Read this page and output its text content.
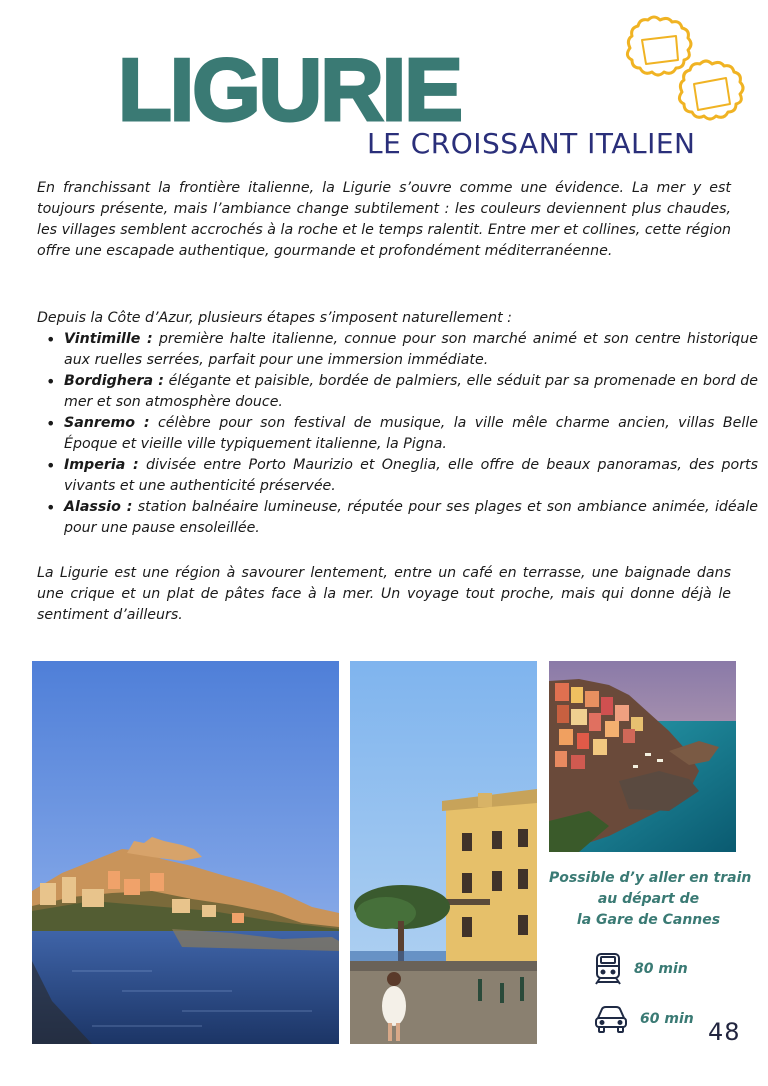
LIGURIE
LE CROISSANT ITALIEN
En franchissant la frontière italienne, la Ligurie s’ouvre comme une évidence. La mer y est toujours présente, mais l’ambiance change subtilement : les couleurs deviennent plus chaudes, les villages semblent accrochés à la roche et le temps ralentit. Entre mer et collines, cette région offre une escapade authentique, gourmande et profondément méditerranéenne.
Depuis la Côte d’Azur, plusieurs étapes s’imposent naturellement :
• Vintimille : première halte italienne, connue pour son marché animé et son centre historique aux ruelles serrées, parfait pour une immersion immédiate.
• Bordighera : élégante et paisible, bordée de palmiers, elle séduit par sa promenade en bord de mer et son atmosphère douce.
• Sanremo : célèbre pour son festival de musique, la ville mêle charme ancien, villas Belle Époque et vieille ville typiquement italienne, la Pigna.
• Imperia : divisée entre Porto Maurizio et Oneglia, elle offre de beaux panoramas, des ports vivants et une authenticité préservée.
• Alassio : station balnéaire lumineuse, réputée pour ses plages et son ambiance animée, idéale pour une pause ensoleillée.
La Ligurie est une région à savourer lentement, entre un café en terrasse, une baignade dans une crique et un plat de pâtes face à la mer. Un voyage tout proche, mais qui donne déjà le sentiment d’ailleurs.
Possible d’y aller en train
au départ de
la Gare de Cannes
80 min
60 min 48
